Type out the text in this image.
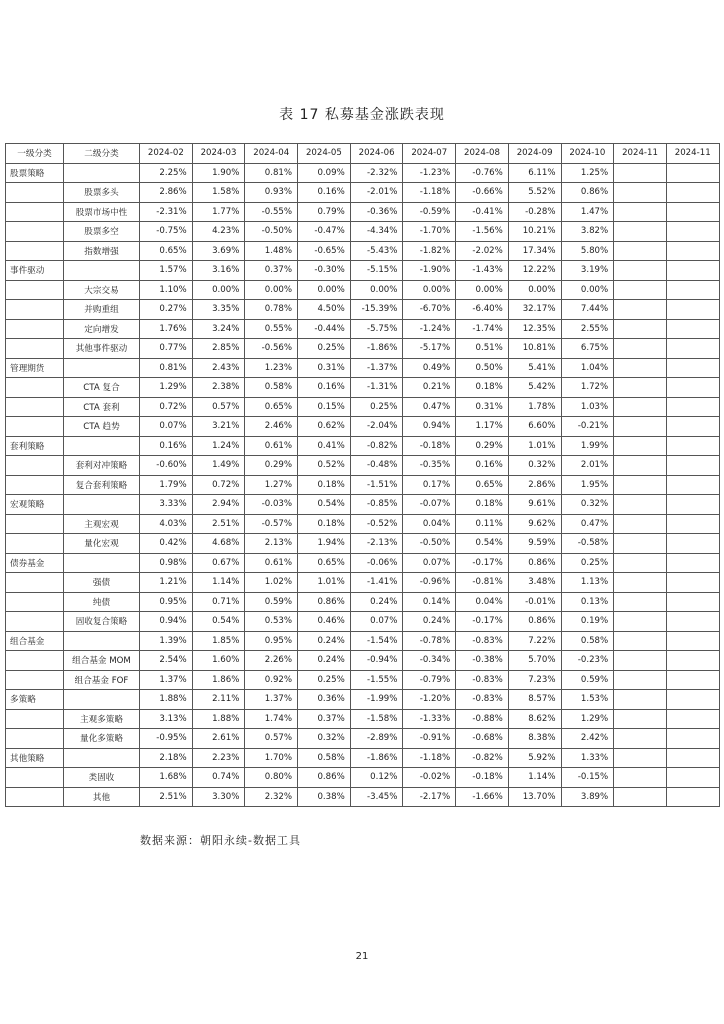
表 17 私募基金涨跌表现
一级分类	二级分类	2024-02	2024-03	2024-04	2024-05	2024-06	2024-07	2024-08	2024-09	2024-10	2024-11	2024-11
股票策略		2.25%	1.90%	0.81%	0.09%	-2.32%	-1.23%	-0.76%	6.11%	1.25%		
	股票多头	2.86%	1.58%	0.93%	0.16%	-2.01%	-1.18%	-0.66%	5.52%	0.86%		
	股票市场中性	-2.31%	1.77%	-0.55%	0.79%	-0.36%	-0.59%	-0.41%	-0.28%	1.47%		
	股票多空	-0.75%	4.23%	-0.50%	-0.47%	-4.34%	-1.70%	-1.56%	10.21%	3.82%		
	指数增强	0.65%	3.69%	1.48%	-0.65%	-5.43%	-1.82%	-2.02%	17.34%	5.80%		
事件驱动		1.57%	3.16%	0.37%	-0.30%	-5.15%	-1.90%	-1.43%	12.22%	3.19%		
	大宗交易	1.10%	0.00%	0.00%	0.00%	0.00%	0.00%	0.00%	0.00%	0.00%		
	并购重组	0.27%	3.35%	0.78%	4.50%	-15.39%	-6.70%	-6.40%	32.17%	7.44%		
	定向增发	1.76%	3.24%	0.55%	-0.44%	-5.75%	-1.24%	-1.74%	12.35%	2.55%		
	其他事件驱动	0.77%	2.85%	-0.56%	0.25%	-1.86%	-5.17%	0.51%	10.81%	6.75%		
管理期货		0.81%	2.43%	1.23%	0.31%	-1.37%	0.49%	0.50%	5.41%	1.04%		
	CTA 复合	1.29%	2.38%	0.58%	0.16%	-1.31%	0.21%	0.18%	5.42%	1.72%		
	CTA 套利	0.72%	0.57%	0.65%	0.15%	0.25%	0.47%	0.31%	1.78%	1.03%		
	CTA 趋势	0.07%	3.21%	2.46%	0.62%	-2.04%	0.94%	1.17%	6.60%	-0.21%		
套利策略		0.16%	1.24%	0.61%	0.41%	-0.82%	-0.18%	0.29%	1.01%	1.99%		
	套利对冲策略	-0.60%	1.49%	0.29%	0.52%	-0.48%	-0.35%	0.16%	0.32%	2.01%		
	复合套利策略	1.79%	0.72%	1.27%	0.18%	-1.51%	0.17%	0.65%	2.86%	1.95%		
宏观策略		3.33%	2.94%	-0.03%	0.54%	-0.85%	-0.07%	0.18%	9.61%	0.32%		
	主观宏观	4.03%	2.51%	-0.57%	0.18%	-0.52%	0.04%	0.11%	9.62%	0.47%		
	量化宏观	0.42%	4.68%	2.13%	1.94%	-2.13%	-0.50%	0.54%	9.59%	-0.58%		
债券基金		0.98%	0.67%	0.61%	0.65%	-0.06%	0.07%	-0.17%	0.86%	0.25%		
	强债	1.21%	1.14%	1.02%	1.01%	-1.41%	-0.96%	-0.81%	3.48%	1.13%		
	纯债	0.95%	0.71%	0.59%	0.86%	0.24%	0.14%	0.04%	-0.01%	0.13%		
	固收复合策略	0.94%	0.54%	0.53%	0.46%	0.07%	0.24%	-0.17%	0.86%	0.19%		
组合基金		1.39%	1.85%	0.95%	0.24%	-1.54%	-0.78%	-0.83%	7.22%	0.58%		
	组合基金 MOM	2.54%	1.60%	2.26%	0.24%	-0.94%	-0.34%	-0.38%	5.70%	-0.23%		
	组合基金 FOF	1.37%	1.86%	0.92%	0.25%	-1.55%	-0.79%	-0.83%	7.23%	0.59%		
多策略		1.88%	2.11%	1.37%	0.36%	-1.99%	-1.20%	-0.83%	8.57%	1.53%		
	主观多策略	3.13%	1.88%	1.74%	0.37%	-1.58%	-1.33%	-0.88%	8.62%	1.29%		
	量化多策略	-0.95%	2.61%	0.57%	0.32%	-2.89%	-0.91%	-0.68%	8.38%	2.42%		
其他策略		2.18%	2.23%	1.70%	0.58%	-1.86%	-1.18%	-0.82%	5.92%	1.33%		
	类固收	1.68%	0.74%	0.80%	0.86%	0.12%	-0.02%	-0.18%	1.14%	-0.15%		
	其他	2.51%	3.30%	2.32%	0.38%	-3.45%	-2.17%	-1.66%	13.70%	3.89%		
数据来源：朝阳永续-数据工具
21
